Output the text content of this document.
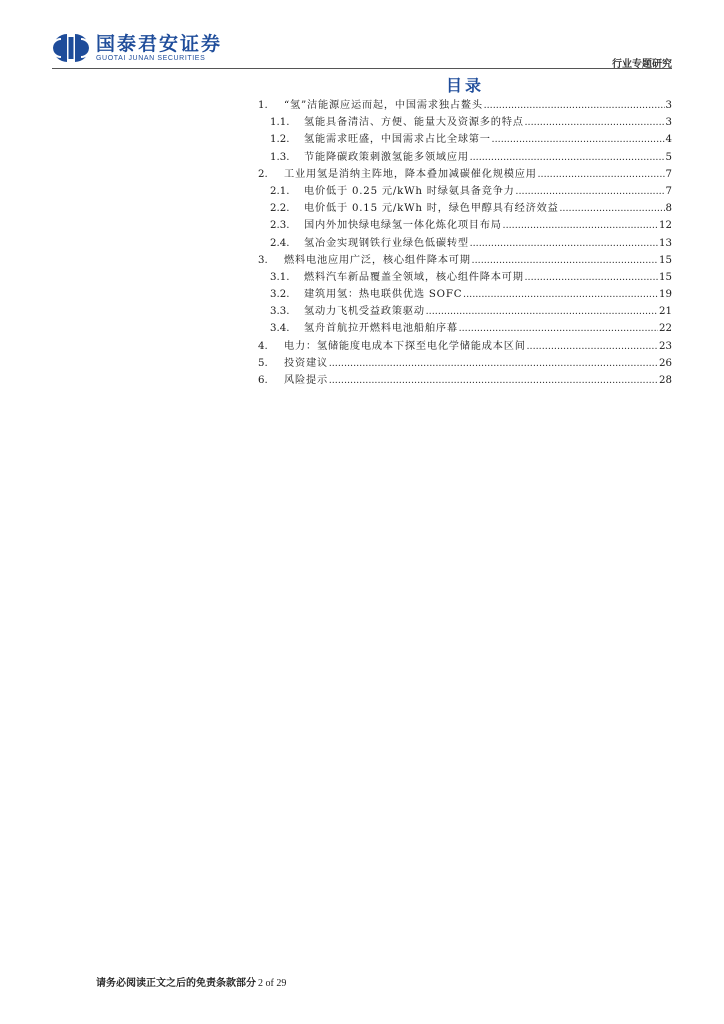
国泰君安证券
GUOTAI JUNAN SECURITIES
行业专题研究
目录
1.	“氢”洁能源应运而起，中国需求独占鳌头 .....	3
1.1.	氢能具备清洁、方便、能量大及资源多的特点 .....	3
1.2.	氢能需求旺盛，中国需求占比全球第一 .....	4
1.3.	节能降碳政策刺激氢能多领域应用 .....	5
2.	工业用氢是消纳主阵地，降本叠加减碳催化规模应用 .....	7
2.1.	电价低于 0.25 元/kWh 时绿氨具备竞争力 .....	7
2.2.	电价低于 0.15 元/kWh 时，绿色甲醇具有经济效益 .....	8
2.3.	国内外加快绿电绿氢一体化炼化项目布局 .....	12
2.4.	氢冶金实现钢铁行业绿色低碳转型 .....	13
3.	燃料电池应用广泛，核心组件降本可期 .....	15
3.1.	燃料汽车新品覆盖全领域，核心组件降本可期 .....	15
3.2.	建筑用氢：热电联供优选 SOFC .....	19
3.3.	氢动力飞机受益政策驱动 .....	21
3.4.	氢舟首航拉开燃料电池船舶序幕 .....	22
4.	电力：氢储能度电成本下探至电化学储能成本区间 .....	23
5.	投资建议 .....	26
6.	风险提示 .....	28
请务必阅读正文之后的免责条款部分 2 of 29
